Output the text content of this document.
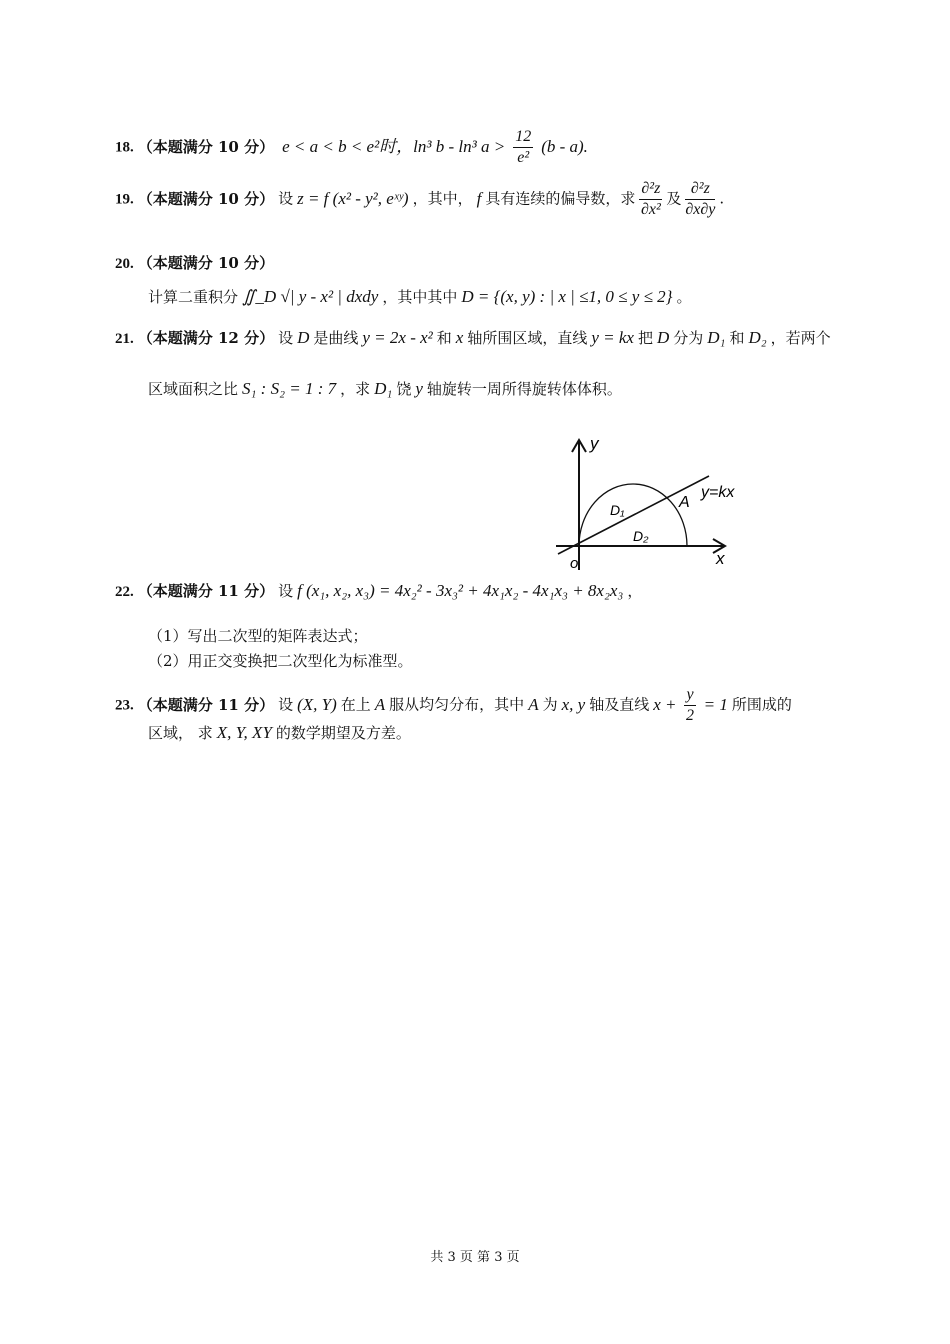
18. （本题满分 10 分） e < a < b < e²时，ln³ b - ln³ $a > \frac{12}{\text{e²}} (b - a)$.
19. （本题满分 10 分） 设 z = f (x² - y², eˣʸ) ，其中， f 具有连续的偏导数，求 $\frac{\text{∂²z}}{\text{∂x²}}$ 及 $\frac{\text{∂²z}}{\partial x\partial y}$ .
20. （本题满分 10 分）
计算二重积分 ∬_D √| y - x² | dxdy ，其中其中 D = {(x, y) : | x | ≤1, 0 ≤ y ≤ 2} 。
21. （本题满分 12 分） 设 D 是曲线 y = 2x - x² 和 x 轴所围区域，直线 y = kx 把 D 分为 D₁ 和 D₂ ，若两个
区域面积之比 S₁ : S₂ = 1 : 7 ，求 D₁ 饶 y 轴旋转一周所得旋转体体积。
y
x
o
y=kx
A
D₁
D₂
22. （本题满分 11 分） 设 f (x₁, x₂, x₃) = 4x₂² - 3x₃² + 4x₁x₂ - 4x₁x₃ + 8x₂x₃ ，
（1）写出二次型的矩阵表达式；
（2）用正交变换把二次型化为标准型。
23. （本题满分 11 分） 设 (X, Y) 在上 A 服从均匀分布，其中 A 为 x, y 轴及直线 $x + \frac{y}{2} = 1$ 所围成的
区域， 求 X, Y, XY 的数学期望及方差。
共 3 页 第 3 页
